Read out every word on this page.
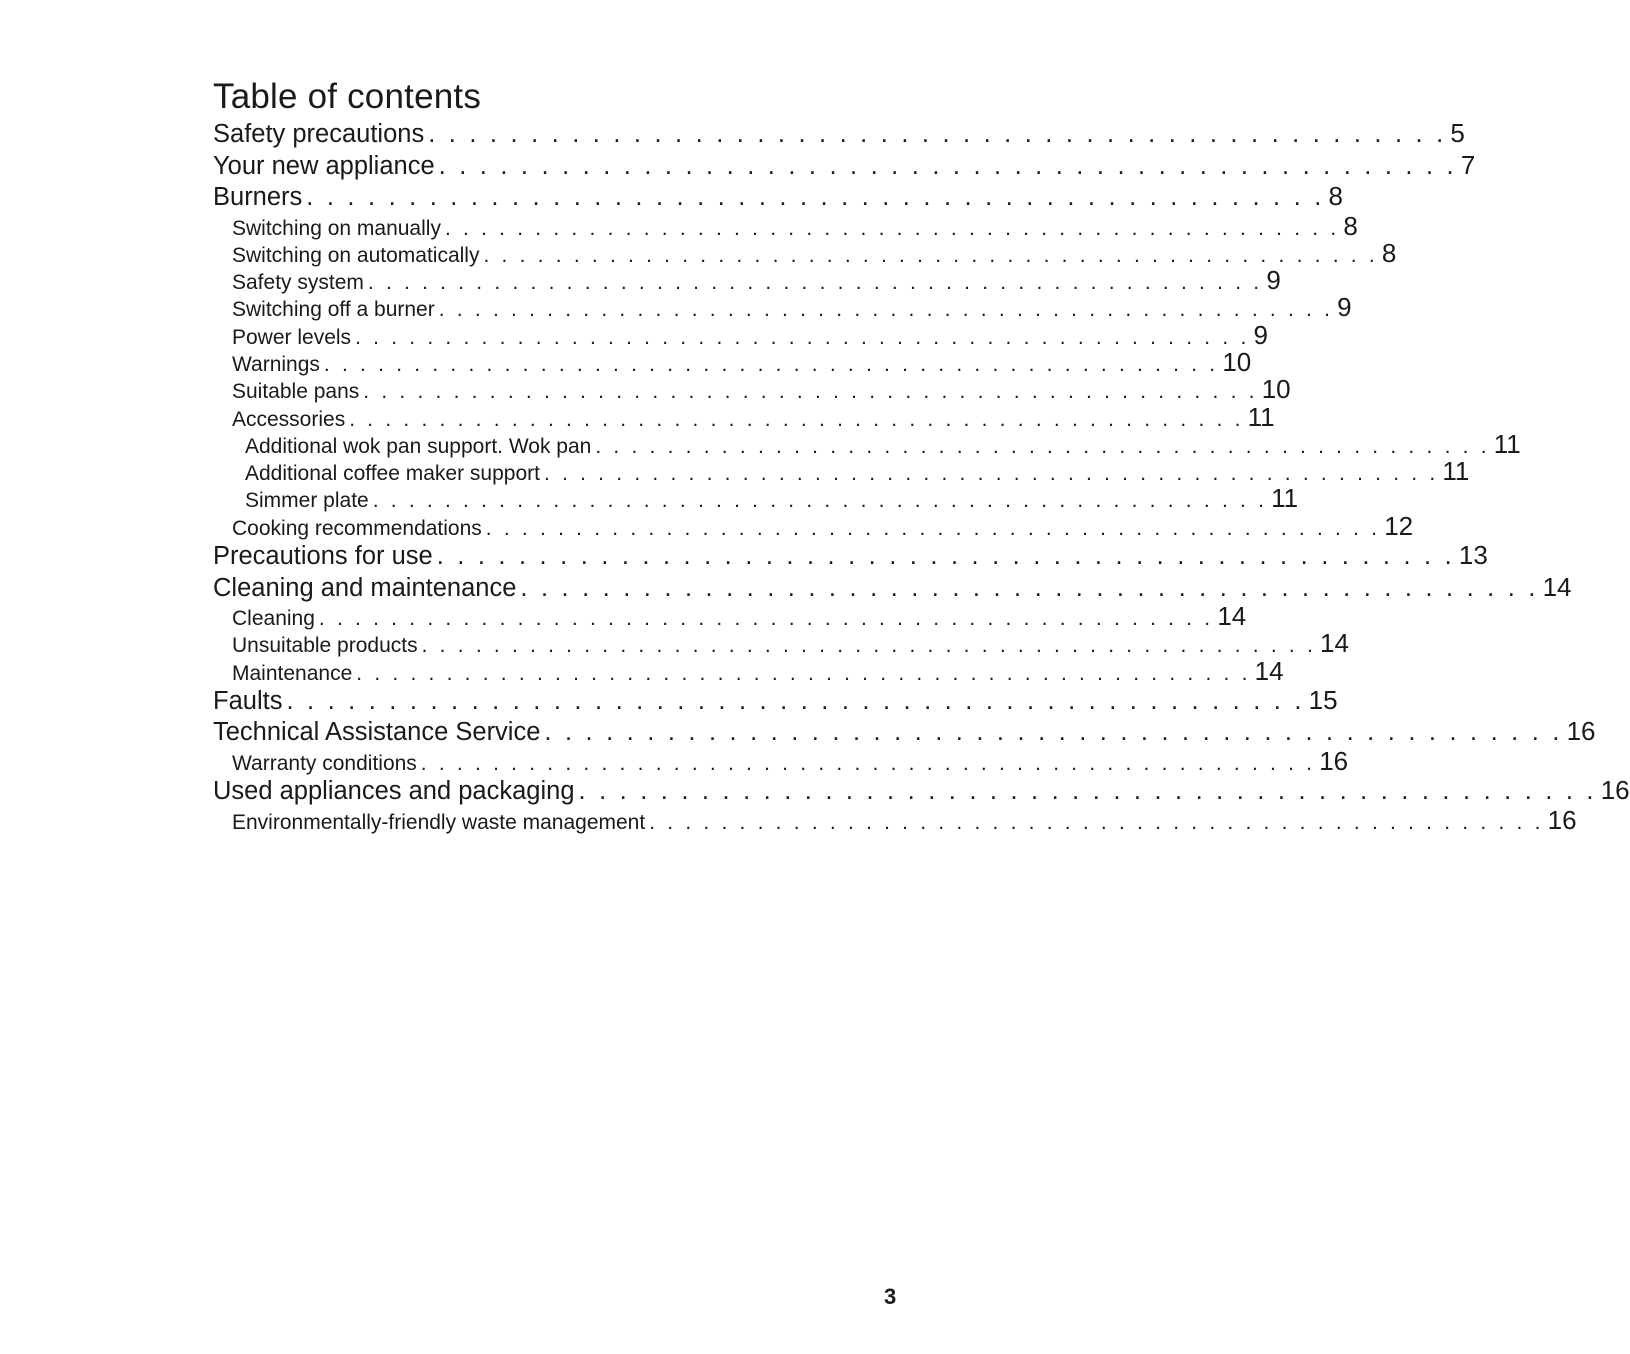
Table of contents
Safety precautions . . . . . . . . . . . . . . . . . . . . . . . . . . . . . . . . . . . . . . . . . . . . . . . . . . 5
Your new appliance . . . . . . . . . . . . . . . . . . . . . . . . . . . . . . . . . . . . . . . . . . . . . . . . . . 7
Burners . . . . . . . . . . . . . . . . . . . . . . . . . . . . . . . . . . . . . . . . . . . . . . . . . . 8
Switching on manually . . . . . . . . . . . . . . . . . . . . . . . . . . . . . . . . . . . . . . . . . . . . . . . . . . 8
Switching on automatically . . . . . . . . . . . . . . . . . . . . . . . . . . . . . . . . . . . . . . . . . . . . . . . . . . 8
Safety system . . . . . . . . . . . . . . . . . . . . . . . . . . . . . . . . . . . . . . . . . . . . . . . . . . 9
Switching off a burner . . . . . . . . . . . . . . . . . . . . . . . . . . . . . . . . . . . . . . . . . . . . . . . . . . 9
Power levels . . . . . . . . . . . . . . . . . . . . . . . . . . . . . . . . . . . . . . . . . . . . . . . . . . 9
Warnings . . . . . . . . . . . . . . . . . . . . . . . . . . . . . . . . . . . . . . . . . . . . . . . . . . 10
Suitable pans . . . . . . . . . . . . . . . . . . . . . . . . . . . . . . . . . . . . . . . . . . . . . . . . . . 10
Accessories . . . . . . . . . . . . . . . . . . . . . . . . . . . . . . . . . . . . . . . . . . . . . . . . . . 11
Additional wok pan support. Wok pan . . . . . . . . . . . . . . . . . . . . . . . . . . . . . . . . . . . . . . . . . . . . . . . . . . 11
Additional coffee maker support . . . . . . . . . . . . . . . . . . . . . . . . . . . . . . . . . . . . . . . . . . . . . . . . . . 11
Simmer plate . . . . . . . . . . . . . . . . . . . . . . . . . . . . . . . . . . . . . . . . . . . . . . . . . . 11
Cooking recommendations . . . . . . . . . . . . . . . . . . . . . . . . . . . . . . . . . . . . . . . . . . . . . . . . . . 12
Precautions for use . . . . . . . . . . . . . . . . . . . . . . . . . . . . . . . . . . . . . . . . . . . . . . . . . . 13
Cleaning and maintenance . . . . . . . . . . . . . . . . . . . . . . . . . . . . . . . . . . . . . . . . . . . . . . . . . . 14
Cleaning . . . . . . . . . . . . . . . . . . . . . . . . . . . . . . . . . . . . . . . . . . . . . . . . . . 14
Unsuitable products . . . . . . . . . . . . . . . . . . . . . . . . . . . . . . . . . . . . . . . . . . . . . . . . . . 14
Maintenance . . . . . . . . . . . . . . . . . . . . . . . . . . . . . . . . . . . . . . . . . . . . . . . . . . 14
Faults . . . . . . . . . . . . . . . . . . . . . . . . . . . . . . . . . . . . . . . . . . . . . . . . . . 15
Technical Assistance Service . . . . . . . . . . . . . . . . . . . . . . . . . . . . . . . . . . . . . . . . . . . . . . . . . . 16
Warranty conditions . . . . . . . . . . . . . . . . . . . . . . . . . . . . . . . . . . . . . . . . . . . . . . . . . . 16
Used appliances and packaging . . . . . . . . . . . . . . . . . . . . . . . . . . . . . . . . . . . . . . . . . . . . . . . . . . 16
Environmentally-friendly waste management . . . . . . . . . . . . . . . . . . . . . . . . . . . . . . . . . . . . . . . . . . . . . . . . . . 16
3
